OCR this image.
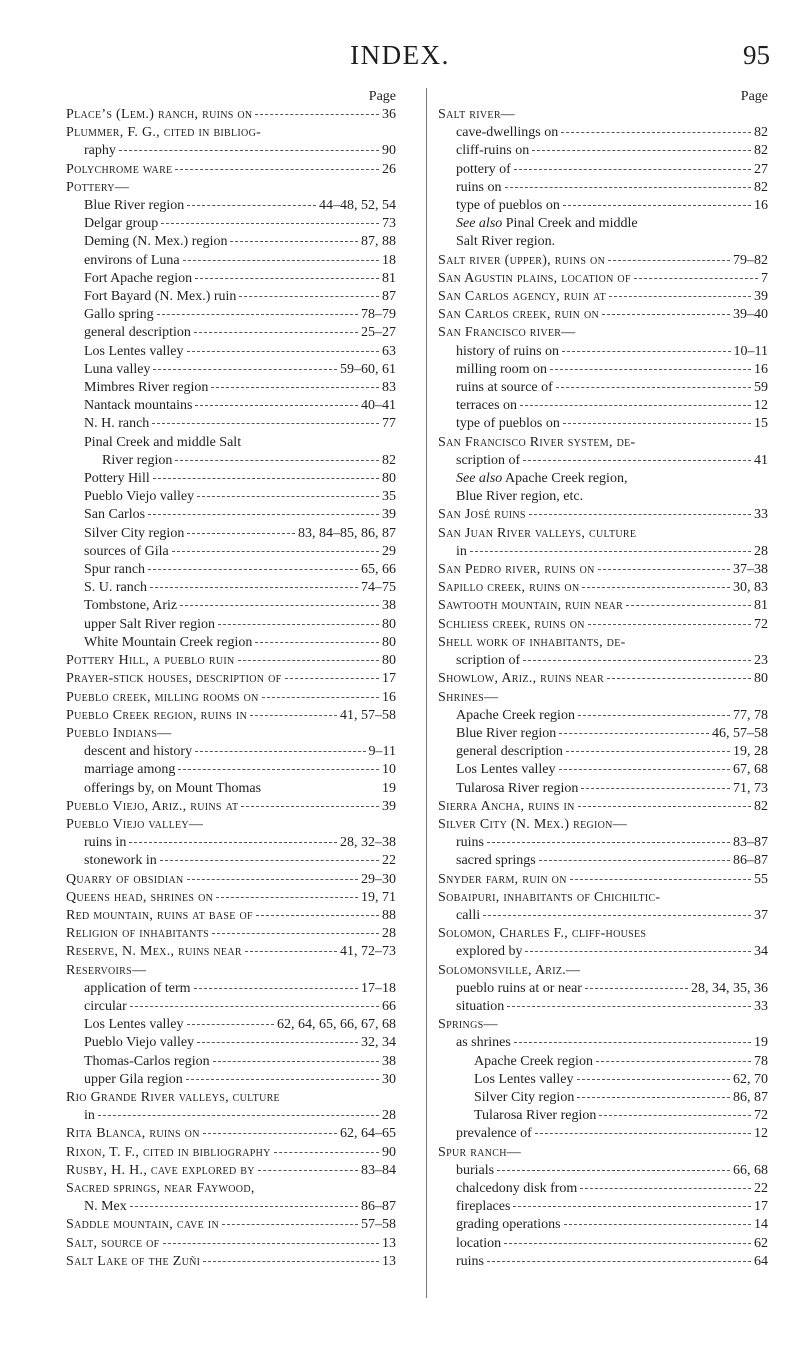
INDEX.	95
Page
Place’s (Lem.) ranch, ruins on	36
Plummer, F. G., cited in bibliog-
raphy	90
Polychrome ware	26
Pottery—
Blue River region	44–48, 52, 54
Delgar group	73
Deming (N. Mex.) region	87, 88
environs of Luna	18
Fort Apache region	81
Fort Bayard (N. Mex.) ruin	87
Gallo spring	78–79
general description	25–27
Los Lentes valley	63
Luna valley	59–60, 61
Mimbres River region	83
Nantack mountains	40–41
N. H. ranch	77
Pinal Creek and middle Salt
River region	82
Pottery Hill	80
Pueblo Viejo valley	35
San Carlos	39
Silver City region	83, 84–85, 86, 87
sources of Gila	29
Spur ranch	65, 66
S. U. ranch	74–75
Tombstone, Ariz	38
upper Salt River region	80
White Mountain Creek region	80
Pottery Hill, a pueblo ruin	80
Prayer-stick houses, description of	17
Pueblo creek, milling rooms on	16
Pueblo Creek region, ruins in	41, 57–58
Pueblo Indians—
descent and history	9–11
marriage among	10
offerings by, on Mount Thomas	19
Pueblo Viejo, Ariz., ruins at	39
Pueblo Viejo valley—
ruins in	28, 32–38
stonework in	22
Quarry of obsidian	29–30
Queens head, shrines on	19, 71
Red mountain, ruins at base of	88
Religion of inhabitants	28
Reserve, N. Mex., ruins near	41, 72–73
Reservoirs—
application of term	17–18
circular	66
Los Lentes valley	62, 64, 65, 66, 67, 68
Pueblo Viejo valley	32, 34
Thomas-Carlos region	38
upper Gila region	30
Rio Grande River valleys, culture
in	28
Rita Blanca, ruins on	62, 64–65
Rixon, T. F., cited in bibliography	90
Rusby, H. H., cave explored by	83–84
Sacred springs, near Faywood,
N. Mex	86–87
Saddle mountain, cave in	57–58
Salt, source of	13
Salt Lake of the Zuñi	13
Page
Salt river—
cave-dwellings on	82
cliff-ruins on	82
pottery of	27
ruins on	82
type of pueblos on	16
See also Pinal Creek and middle
Salt River region.
Salt river (upper), ruins on	79–82
San Agustin plains, location of	7
San Carlos agency, ruin at	39
San Carlos creek, ruin on	39–40
San Francisco river—
history of ruins on	10–11
milling room on	16
ruins at source of	59
terraces on	12
type of pueblos on	15
San Francisco River system, de-
scription of	41
See also Apache Creek region,
Blue River region, etc.
San José ruins	33
San Juan River valleys, culture
in	28
San Pedro river, ruins on	37–38
Sapillo creek, ruins on	30, 83
Sawtooth mountain, ruin near	81
Schliess creek, ruins on	72
Shell work of inhabitants, de-
scription of	23
Showlow, Ariz., ruins near	80
Shrines—
Apache Creek region	77, 78
Blue River region	46, 57–58
general description	19, 28
Los Lentes valley	67, 68
Tularosa River region	71, 73
Sierra Ancha, ruins in	82
Silver City (N. Mex.) region—
ruins	83–87
sacred springs	86–87
Snyder farm, ruin on	55
Sobaipuri, inhabitants of Chichiltic-
calli	37
Solomon, Charles F., cliff-houses
explored by	34
Solomonsville, Ariz.—
pueblo ruins at or near	28, 34, 35, 36
situation	33
Springs—
as shrines	19
Apache Creek region	78
Los Lentes valley	62, 70
Silver City region	86, 87
Tularosa River region	72
prevalence of	12
Spur ranch—
burials	66, 68
chalcedony disk from	22
fireplaces	17
grading operations	14
location	62
ruins	64
